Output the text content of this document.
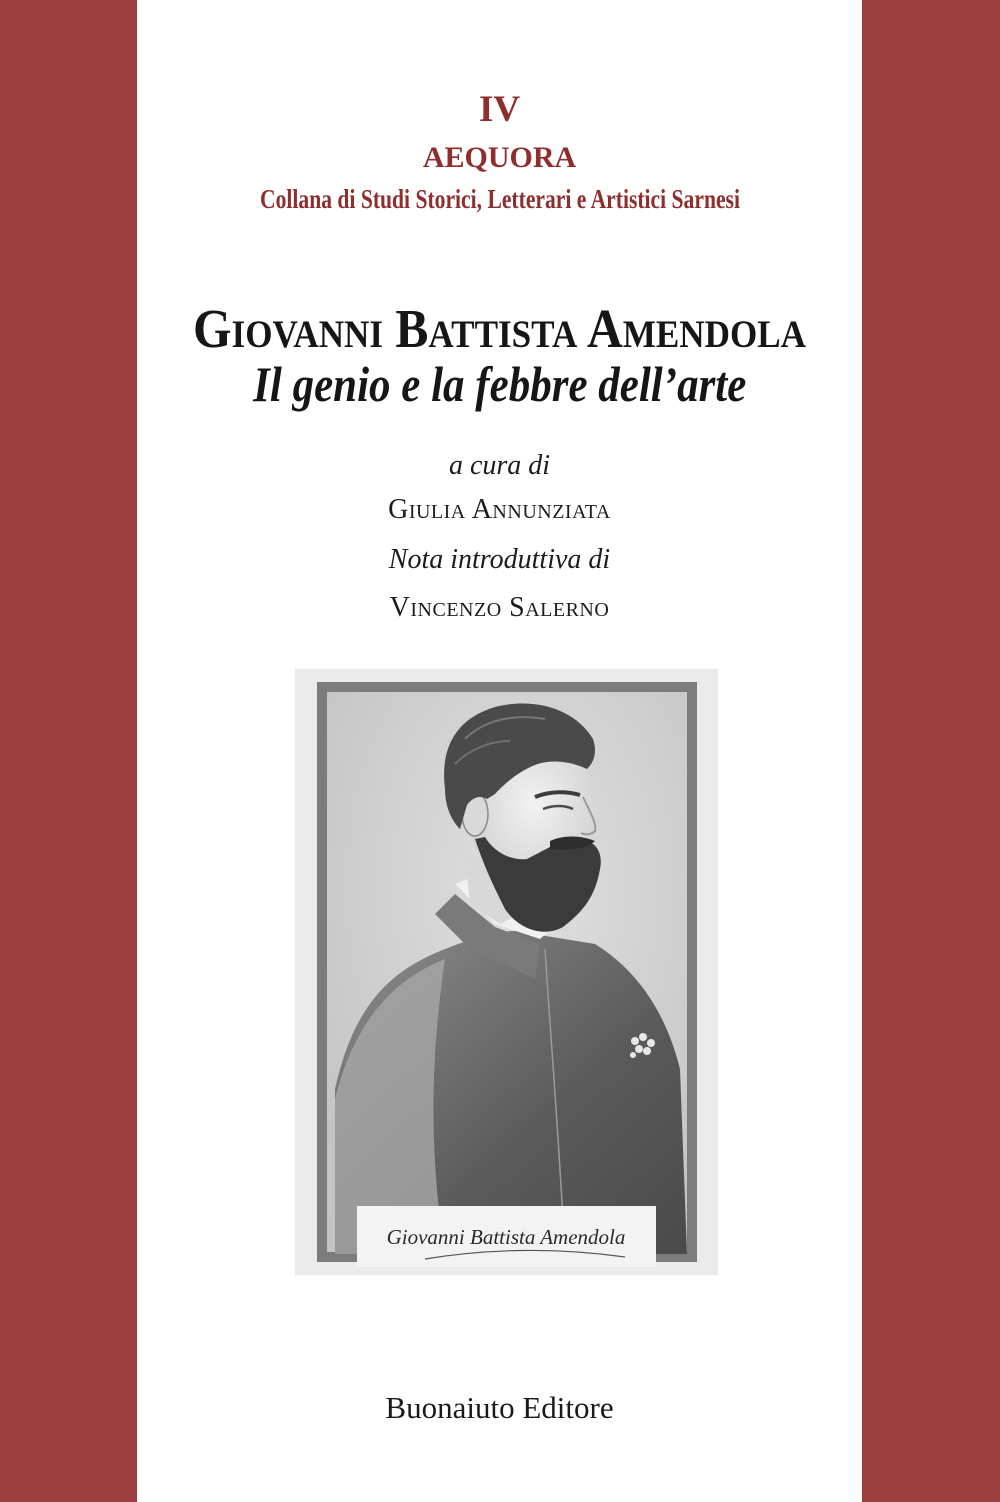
IV
AEQUORA
Collana di Studi Storici, Letterari e Artistici Sarnesi
Giovanni Battista Amendola
Il genio e la febbre dell’arte
a cura di
Giulia Annunziata
Nota introduttiva di
Vincenzo Salerno
Giovanni Battista Amendola
Buonaiuto Editore
